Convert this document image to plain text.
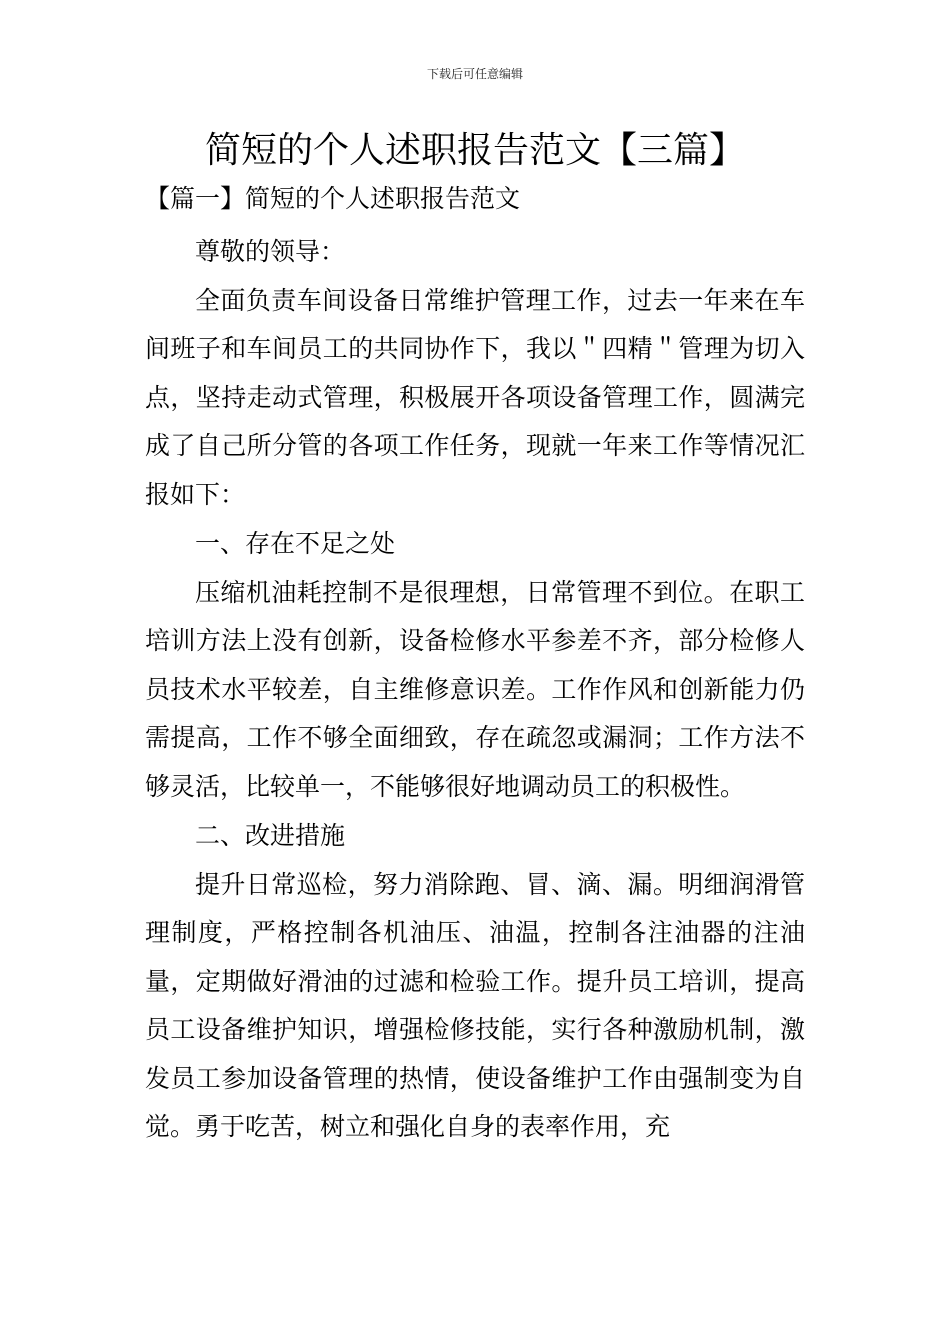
下载后可任意编辑
简短的个人述职报告范文【三篇】
【篇一】简短的个人述职报告范文

尊敬的领导：

全面负责车间设备日常维护管理工作，过去一年来在车间班子和车间员工的共同协作下，我以＂四精＂管理为切入点，坚持走动式管理，积极展开各项设备管理工作，圆满完成了自己所分管的各项工作任务，现就一年来工作等情况汇报如下：

一、存在不足之处

压缩机油耗控制不是很理想，日常管理不到位。在职工培训方法上没有创新，设备检修水平参差不齐，部分检修人员技术水平较差，自主维修意识差。工作作风和创新能力仍需提高，工作不够全面细致，存在疏忽或漏洞；工作方法不够灵活，比较单一，不能够很好地调动员工的积极性。

二、改进措施

提升日常巡检，努力消除跑、冒、滴、漏。明细润滑管理制度，严格控制各机油压、油温，控制各注油器的注油量，定期做好滑油的过滤和检验工作。提升员工培训，提高员工设备维护知识，增强检修技能，实行各种激励机制，激发员工参加设备管理的热情，使设备维护工作由强制变为自觉。勇于吃苦，树立和强化自身的表率作用，充
